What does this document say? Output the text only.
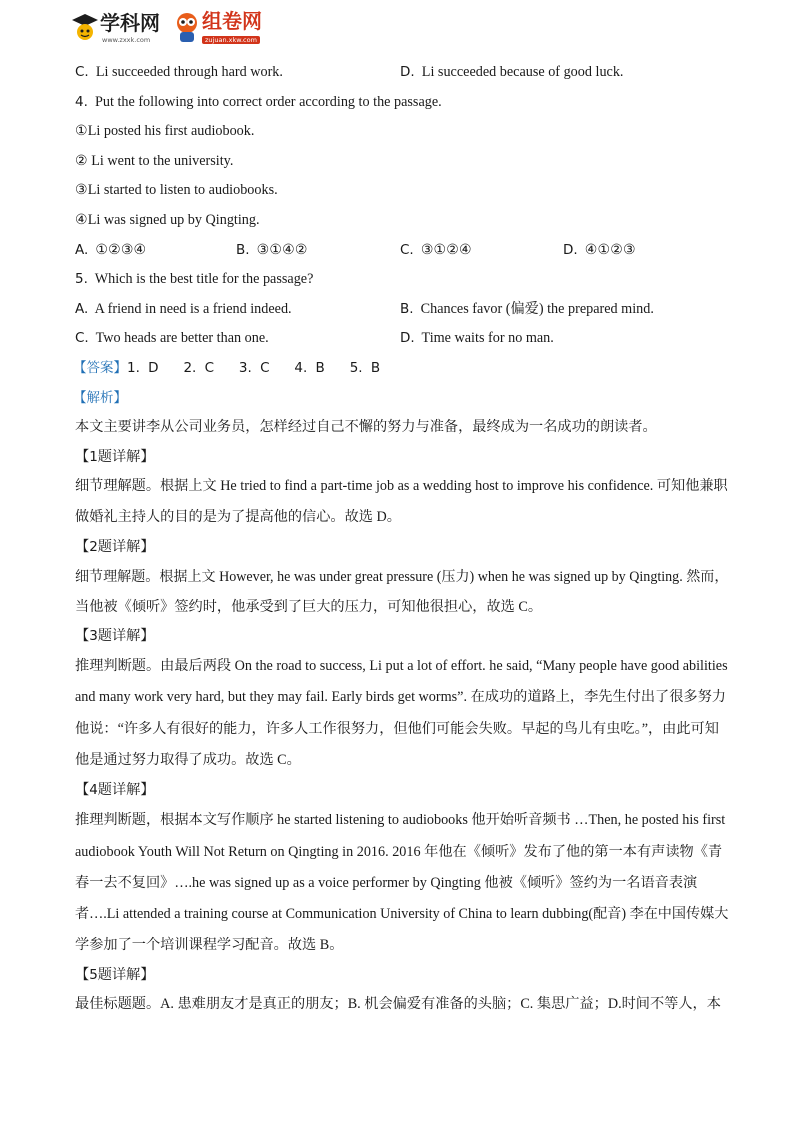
学科网
www.zxxk.com
组卷网
zujuan.xkw.com
C. Li succeeded through hard work.	D. Li succeeded because of good luck.
4. Put the following into correct order according to the passage.
①Li posted his first audiobook.
② Li went to the university.
③Li started to listen to audiobooks.
④Li was signed up by Qingting.
A. ①②③④	B. ③①④②	C. ③①②④	D. ④①②③
5. Which is the best title for the passage?
A. A friend in need is a friend indeed.	B. Chances favor (偏爱) the prepared mind.
C. Two heads are better than one.	D. Time waits for no man.
【答案】1. D   2. C   3. C   4. B   5. B
【解析】
本文主要讲李从公司业务员，怎样经过自己不懈的努力与准备，最终成为一名成功的朗读者。
【1题详解】
细节理解题。根据上文 He tried to find a part-time job as a wedding host to improve his confidence. 可知他兼职
做婚礼主持人的目的是为了提高他的信心。故选 D。
【2题详解】
细节理解题。根据上文 However, he was under great pressure (压力) when he was signed up by Qingting. 然而，
当他被《倾听》签约时，他承受到了巨大的压力，可知他很担心，故选 C。
【3题详解】
推理判断题。由最后两段 On the road to success, Li put a lot of effort. he said, “Many people have good abilities
and many work very hard, but they may fail. Early birds get worms”. 在成功的道路上，李先生付出了很多努力
他说：“许多人有很好的能力，许多人工作很努力，但他们可能会失败。早起的鸟儿有虫吃。”，由此可知
他是通过努力取得了成功。故选 C。
【4题详解】
推理判断题，根据本文写作顺序 he started listening to audiobooks 他开始听音频书 …Then, he posted his first
audiobook Youth Will Not Return on Qingting in 2016. 2016 年他在《倾听》发布了他的第一本有声读物《青
春一去不复回》….he was signed up as a voice performer by Qingting 他被《倾听》签约为一名语音表演
者….Li attended a training course at Communication University of China to learn dubbing(配音) 李在中国传媒大
学参加了一个培训课程学习配音。故选 B。
【5题详解】
最佳标题题。A. 患难朋友才是真正的朋友；B. 机会偏爱有准备的头脑；C. 集思广益；D.时间不等人，本
